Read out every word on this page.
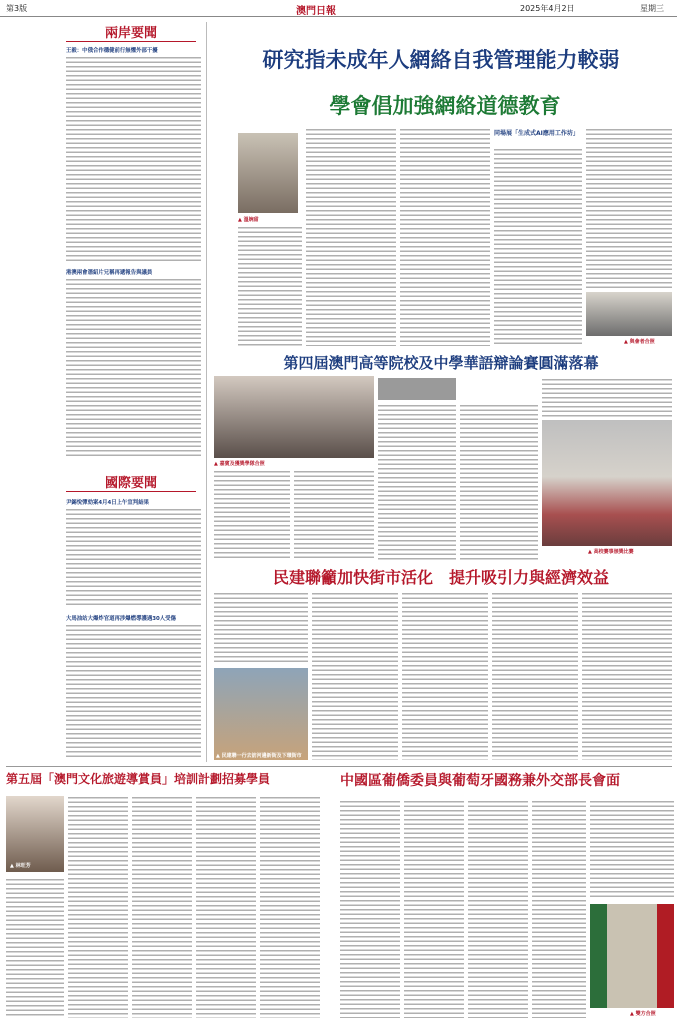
第3版	澳門日報	2025年4月2日	星期三
兩岸要聞
王毅：中俄合作穩健前行無懼外部干擾
港澳兩會憑紹片兄稱再遞報告與議員
國際要聞
尹錫悅彈劾案4月4日上午宣判結果
大馬油站大爆炸官道再涉爆燃導護遇30人受傷
研究指未成年人網絡自我管理能力較弱
學會倡加強網絡道德教育
▲ 溫婉甜
同場展「生成式AI應用工作坊」
▲ 與會者合照
第四屆澳門高等院校及中學華語辯論賽圓滿落幕
▲ 嘉賓及獲獎學隊合照
▲ 高校賽事頒獎比賽
民建聯籲加快街市活化　提升吸引力與經濟效益
▲ 民建聯一行去訪河邊新街及下環街市
第五屆「澳門文化旅遊導賞員」培訓計劃招募學員
▲ 林旺芳
中國區葡僑委員與葡萄牙國務兼外交部長會面
▲ 雙方合照
